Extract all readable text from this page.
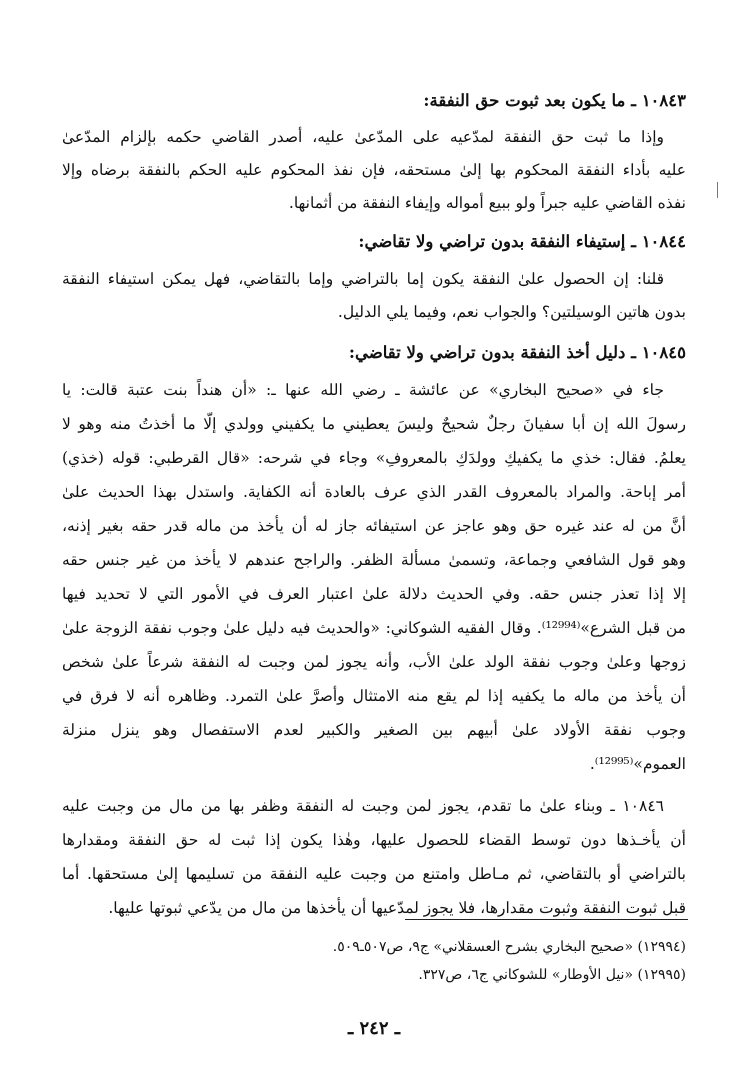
١٠٨٤٣ ـ ما يكون بعد ثبوت حق النفقة:
وإذا ما ثبت حق النفقة لمدّعيه على المدّعىٰ عليه، أصدر القاضي حكمه بإلزام المدّعىٰ
عليه بأداء النفقة المحكوم بها إلىٰ مستحقه، فإن نفذ المحكوم عليه الحكم بالنفقة برضاه وإلا
نفذه القاضي عليه جبراً ولو ببيع أمواله وإيفاء النفقة من أثمانها.
١٠٨٤٤ ـ إستيفاء النفقة بدون تراضي ولا تقاضي:
قلنا: إن الحصول علىٰ النفقة يكون إما بالتراضي وإما بالتقاضي، فهل يمكن استيفاء النفقة
بدون هاتين الوسيلتين؟ والجواب نعم، وفيما يلي الدليل.
١٠٨٤٥ ـ دليل أخذ النفقة بدون تراضي ولا تقاضي:
جاء في «صحيح البخاري» عن عائشة ـ رضي الله عنها ـ: «أن هنداً بنت عتبة قالت: يا
رسولَ الله إن أبا سفيانَ رجلٌ شحيحٌ وليسَ يعطيني ما يكفيني وولدي إلّا ما أخذتُ منه وهو لا
يعلمُ. فقال: خذي ما يكفيكِ وولدَكِ بالمعروفِ» وجاء في شرحه: «قال القرطبي: قوله (خذي)
أمر إباحة. والمراد بالمعروف القدر الذي عرف بالعادة أنه الكفاية. واستدل بهذا الحديث علىٰ
أنَّ من له عند غيره حق وهو عاجز عن استيفائه جاز له أن يأخذ من ماله قدر حقه بغير إذنه،
وهو قول الشافعي وجماعة، وتسمىٰ مسألة الظفر. والراجح عندهم لا يأخذ من غير جنس حقه
إلا إذا تعذر جنس حقه. وفي الحديث دلالة علىٰ اعتبار العرف في الأمور التي لا تحديد فيها
من قبل الشرع»⁽¹²⁹⁹⁴⁾. وقال الفقيه الشوكاني: «والحديث فيه دليل علىٰ وجوب نفقة الزوجة علىٰ
زوجها وعلىٰ وجوب نفقة الولد علىٰ الأب، وأنه يجوز لمن وجبت له النفقة شرعاً علىٰ شخص
أن يأخذ من ماله ما يكفيه إذا لم يقع منه الامتثال وأصرَّ علىٰ التمرد. وظاهره أنه لا فرق في
وجوب نفقة الأولاد علىٰ أبيهم بين الصغير والكبير لعدم الاستفصال وهو ينزل منزلة
العموم»⁽¹²⁹⁹⁵⁾.
١٠٨٤٦ ـ وبناء علىٰ ما تقدم، يجوز لمن وجبت له النفقة وظفر بها من مال من وجبت عليه
أن يأخـذها دون توسط القضاء للحصول عليها، وهٰذا يكون إذا ثبت له حق النفقة ومقدارها
بالتراضي أو بالتقاضي، ثم مـاطل وامتنع من وجبت عليه النفقة من تسليمها إلىٰ مستحقها. أما
قبل ثبوت النفقة وثبوت مقدارها، فلا يجوز لمدّعيها أن يأخذها من مال من يدّعي ثبوتها عليها.
(١٢٩٩٤) «صحيح البخاري بشرح العسقلاني» ج٩، ص٥٠٧ـ٥٠٩.
(١٢٩٩٥) «نيل الأوطار» للشوكاني ج٦، ص٣٢٧.
ـ ٢٤٢ ـ
